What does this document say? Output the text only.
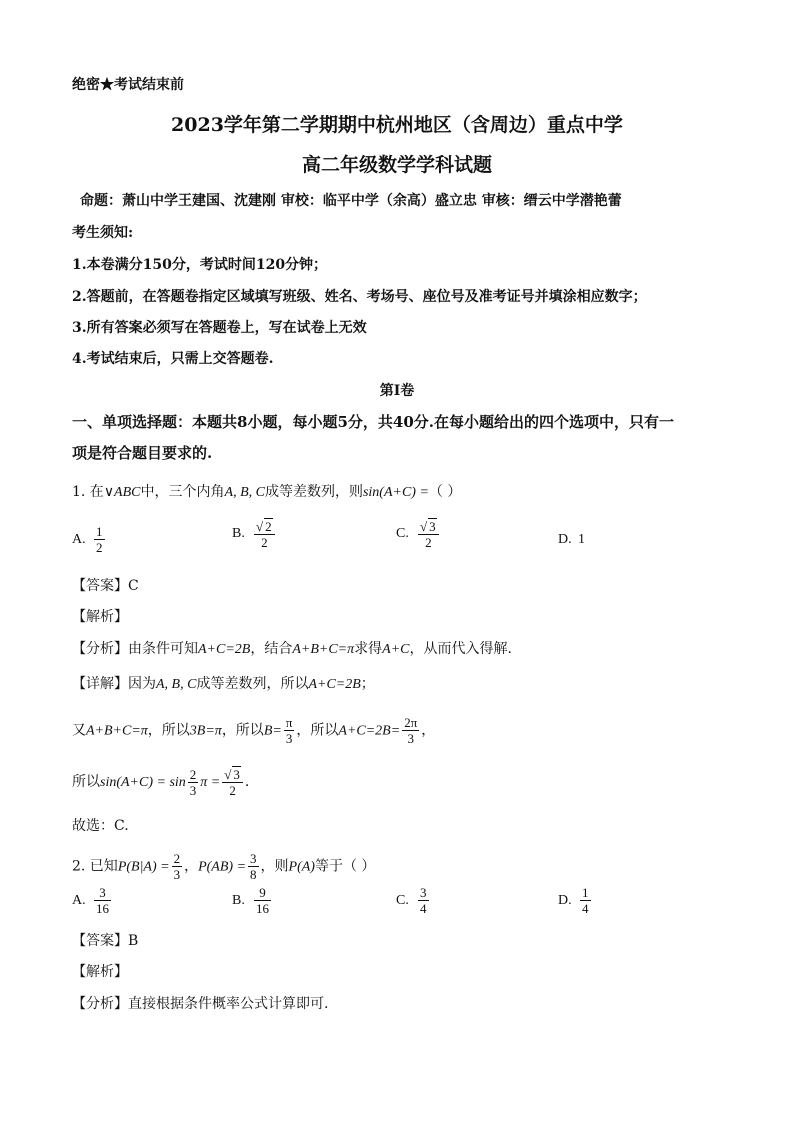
绝密★考试结束前
2023学年第二学期期中杭州地区（含周边）重点中学
高二年级数学学科试题
命题：萧山中学王建国、沈建刚 审校：临平中学（余高）盛立忠 审核：缙云中学潜艳蕾
考生须知:
1.本卷满分150分，考试时间120分钟；
2.答题前，在答题卷指定区域填写班级、姓名、考场号、座位号及准考证号并填涂相应数字；
3.所有答案必须写在答题卷上，写在试卷上无效
4.考试结束后，只需上交答题卷.
第I卷
一、单项选择题：本题共8小题，每小题5分，共40分.在每小题给出的四个选项中，只有一
项是符合题目要求的.
1. 在∨ABC中，三个内角A, B, C成等差数列，则sin(A+C) =（ ）
A. $\frac{1}{2}$	B. $\frac{√ 2}{2}$	C. $\frac{√ 3}{2}$	D. 1
【答案】C
【解析】
【分析】由条件可知A+C=2B，结合A+B+C=π求得A+C，从而代入得解.
【详解】因为A, B, C成等差数列，所以A+C=2B；
又A+B+C=π，所以3B=π，所以$B= \frac{\pi}{3}$ ，所以$A+C=2B= \frac{2\pi}{3}$ ，
所以$\sin(A+C) = \sin \frac{2}{3}$ $\pi = \frac{√ 3}{2}$ .
故选：C.
2. 已知$P(B|A) = \frac{2}{3}$ ，$P(AB) = \frac{3}{8}$ ，则P(A)等于（ ）
A. $\frac{3}{16}$	B. $\frac{9}{16}$	C. $\frac{3}{4}$	D. $\frac{1}{4}$
【答案】B
【解析】
【分析】直接根据条件概率公式计算即可.
